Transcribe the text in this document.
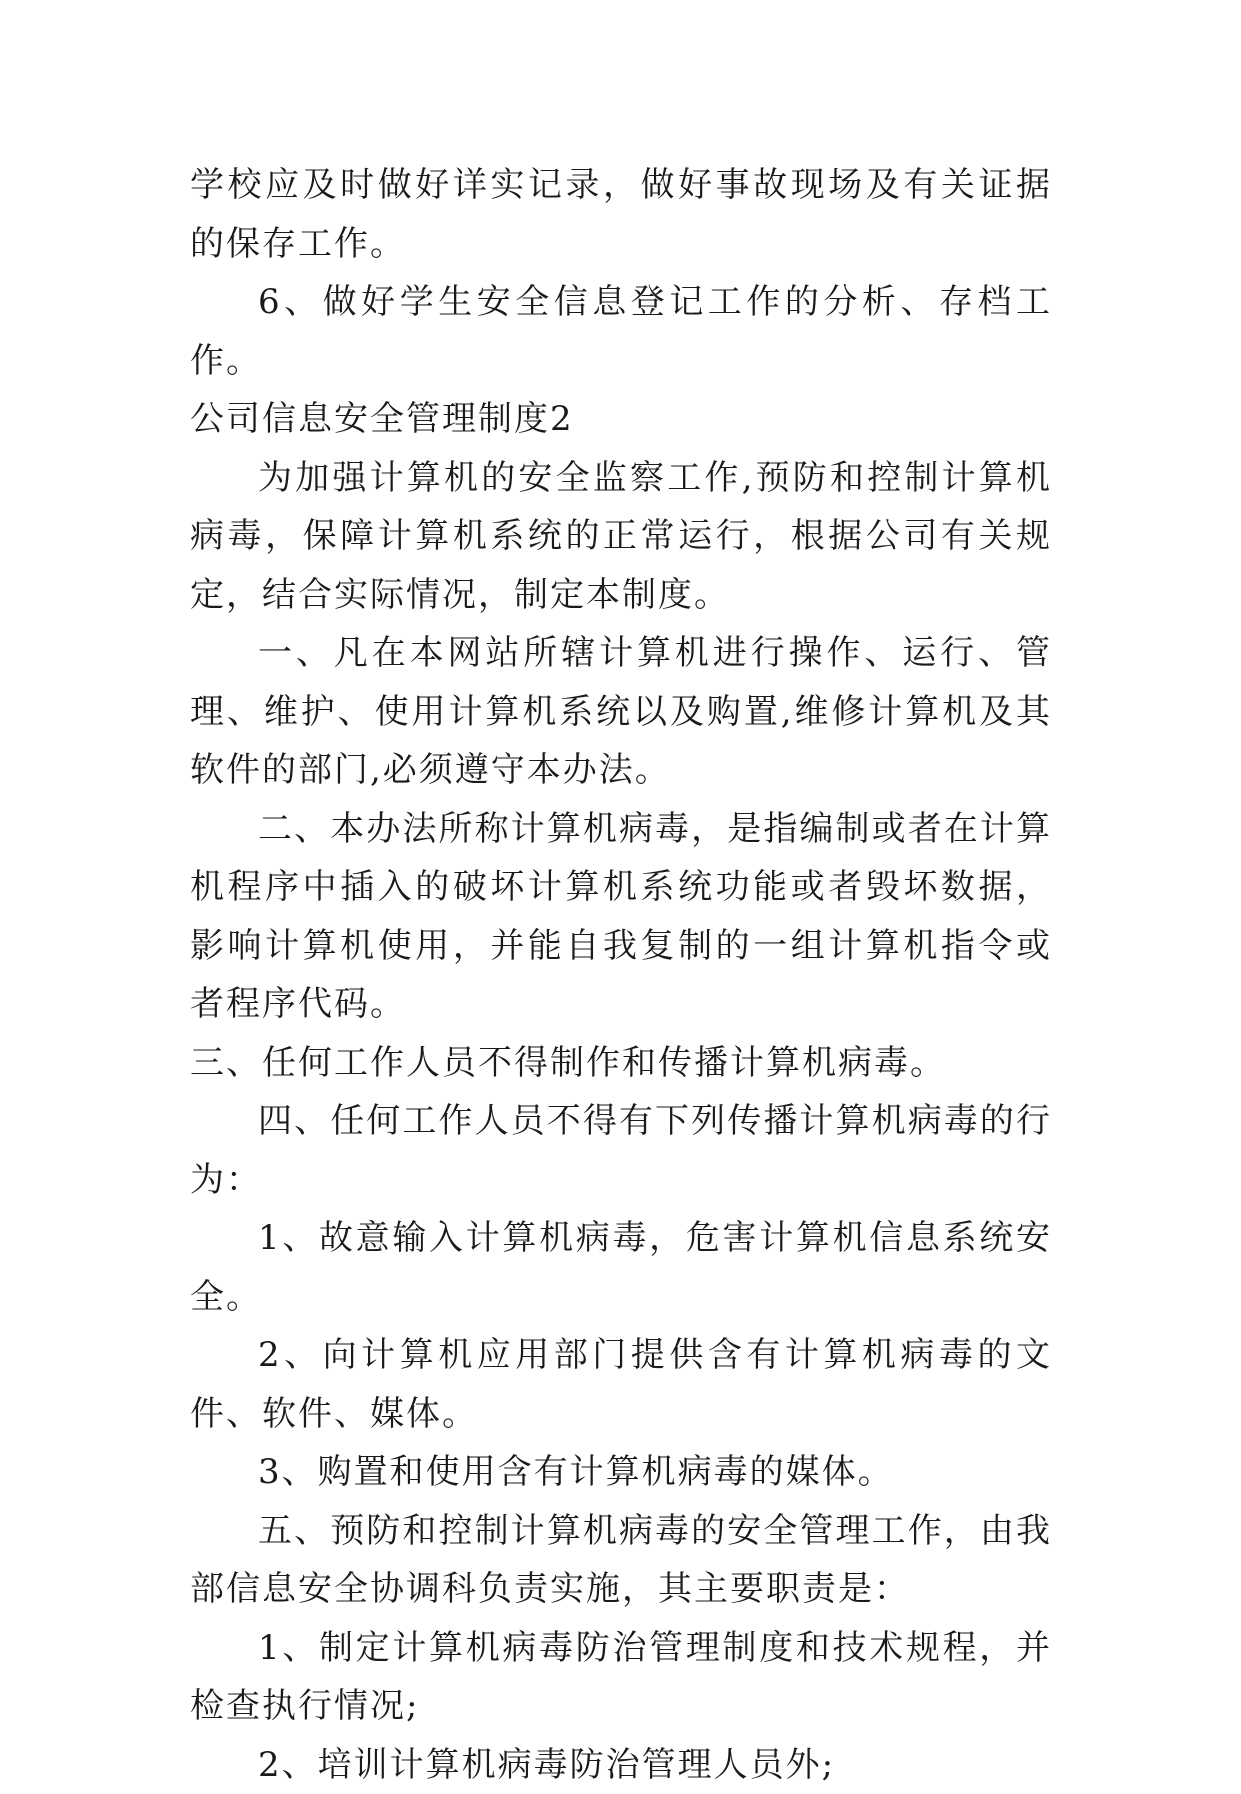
学校应及时做好详实记录，做好事故现场及有关证据的保存工作。

6、做好学生安全信息登记工作的分析、存档工作。

公司信息安全管理制度2

为加强计算机的安全监察工作,预防和控制计算机病毒，保障计算机系统的正常运行，根据公司有关规定，结合实际情况，制定本制度。

一、凡在本网站所辖计算机进行操作、运行、管理、维护、使用计算机系统以及购置,维修计算机及其软件的部门,必须遵守本办法。

二、本办法所称计算机病毒，是指编制或者在计算机程序中插入的破坏计算机系统功能或者毁坏数据，影响计算机使用，并能自我复制的一组计算机指令或者程序代码。

三、任何工作人员不得制作和传播计算机病毒。

四、任何工作人员不得有下列传播计算机病毒的行为：

1、故意输入计算机病毒，危害计算机信息系统安全。

2、向计算机应用部门提供含有计算机病毒的文件、软件、媒体。

3、购置和使用含有计算机病毒的媒体。

五、预防和控制计算机病毒的安全管理工作，由我部信息安全协调科负责实施，其主要职责是：

1、制定计算机病毒防治管理制度和技术规程，并检查执行情况;

2、培训计算机病毒防治管理人员外;
